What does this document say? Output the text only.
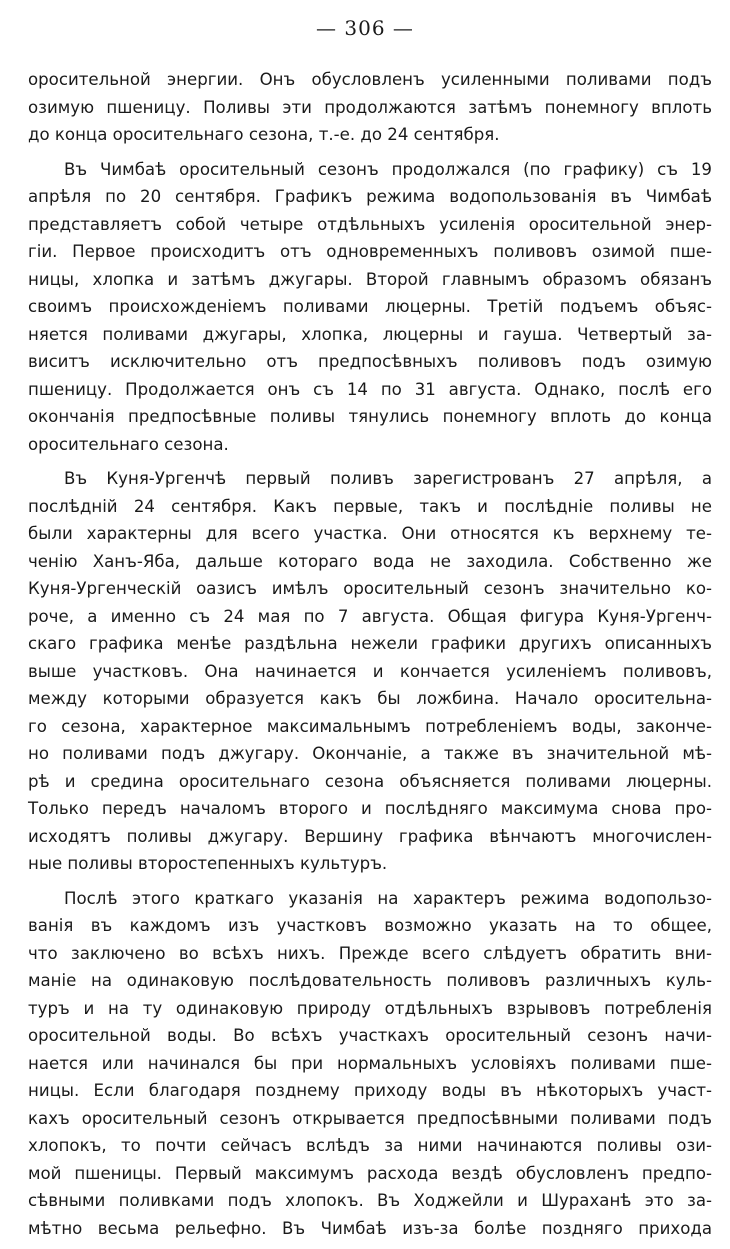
— 306 —
оросительной энергии. Онъ обусловленъ усиленными поливами подъ
озимую пшеницу. Поливы эти продолжаются затѣмъ понемногу вплоть
до конца оросительнаго сезона, т.-е. до 24 сентября.
Въ Чимбаѣ оросительный сезонъ продолжался (по графику) съ 19
апрѣля по 20 сентября. Графикъ режима водопользованія въ Чимбаѣ
представляетъ собой четыре отдѣльныхъ усиленія оросительной энер-
гіи. Первое происходитъ отъ одновременныхъ поливовъ озимой пше-
ницы, хлопка и затѣмъ джугары. Второй главнымъ образомъ обязанъ
своимъ происхожденіемъ поливами люцерны. Третій подъемъ объяс-
няется поливами джугары, хлопка, люцерны и гауша. Четвертый за-
виситъ исключительно отъ предпосѣвныхъ поливовъ подъ озимую
пшеницу. Продолжается онъ съ 14 по 31 августа. Однако, послѣ его
окончанія предпосѣвные поливы тянулись понемногу вплоть до конца
оросительнаго сезона.
Въ Куня-Ургенчѣ первый поливъ зарегистрованъ 27 апрѣля, а
послѣдній 24 сентября. Какъ первые, такъ и послѣдніе поливы не
были характерны для всего участка. Они относятся къ верхнему те-
ченію Ханъ-Яба, дальше котораго вода не заходила. Собственно же
Куня-Ургенческій оазисъ имѣлъ оросительный сезонъ значительно ко-
роче, а именно съ 24 мая по 7 августа. Общая фигура Куня-Ургенч-
скаго графика менѣе раздѣльна нежели графики другихъ описанныхъ
выше участковъ. Она начинается и кончается усиленіемъ поливовъ,
между которыми образуется какъ бы ложбина. Начало оросительна-
го сезона, характерное максимальнымъ потребленіемъ воды, законче-
но поливами подъ джугару. Окончаніе, а также въ значительной мѣ-
рѣ и средина оросительнаго сезона объясняется поливами люцерны.
Только передъ началомъ второго и послѣдняго максимума снова про-
исходятъ поливы джугару. Вершину графика вѣнчаютъ многочислен-
ные поливы второстепенныхъ культуръ.
Послѣ этого краткаго указанія на характеръ режима водопользо-
ванія въ каждомъ изъ участковъ возможно указать на то общее,
что заключено во всѣхъ нихъ. Прежде всего слѣдуетъ обратить вни-
маніе на одинаковую послѣдовательность поливовъ различныхъ куль-
туръ и на ту одинаковую природу отдѣльныхъ взрывовъ потребленія
оросительной воды. Во всѣхъ участкахъ оросительный сезонъ начи-
нается или начинался бы при нормальныхъ условіяхъ поливами пше-
ницы. Если благодаря позднему приходу воды въ нѣкоторыхъ участ-
кахъ оросительный сезонъ открывается предпосѣвными поливами подъ
хлопокъ, то почти сейчасъ вслѣдъ за ними начинаются поливы ози-
мой пшеницы. Первый максимумъ расхода вездѣ обусловленъ предпо-
сѣвными поливками подъ хлопокъ. Въ Ходжейли и Шураханѣ это за-
мѣтно весьма рельефно. Въ Чимбаѣ изъ-за болѣе поздняго прихода
